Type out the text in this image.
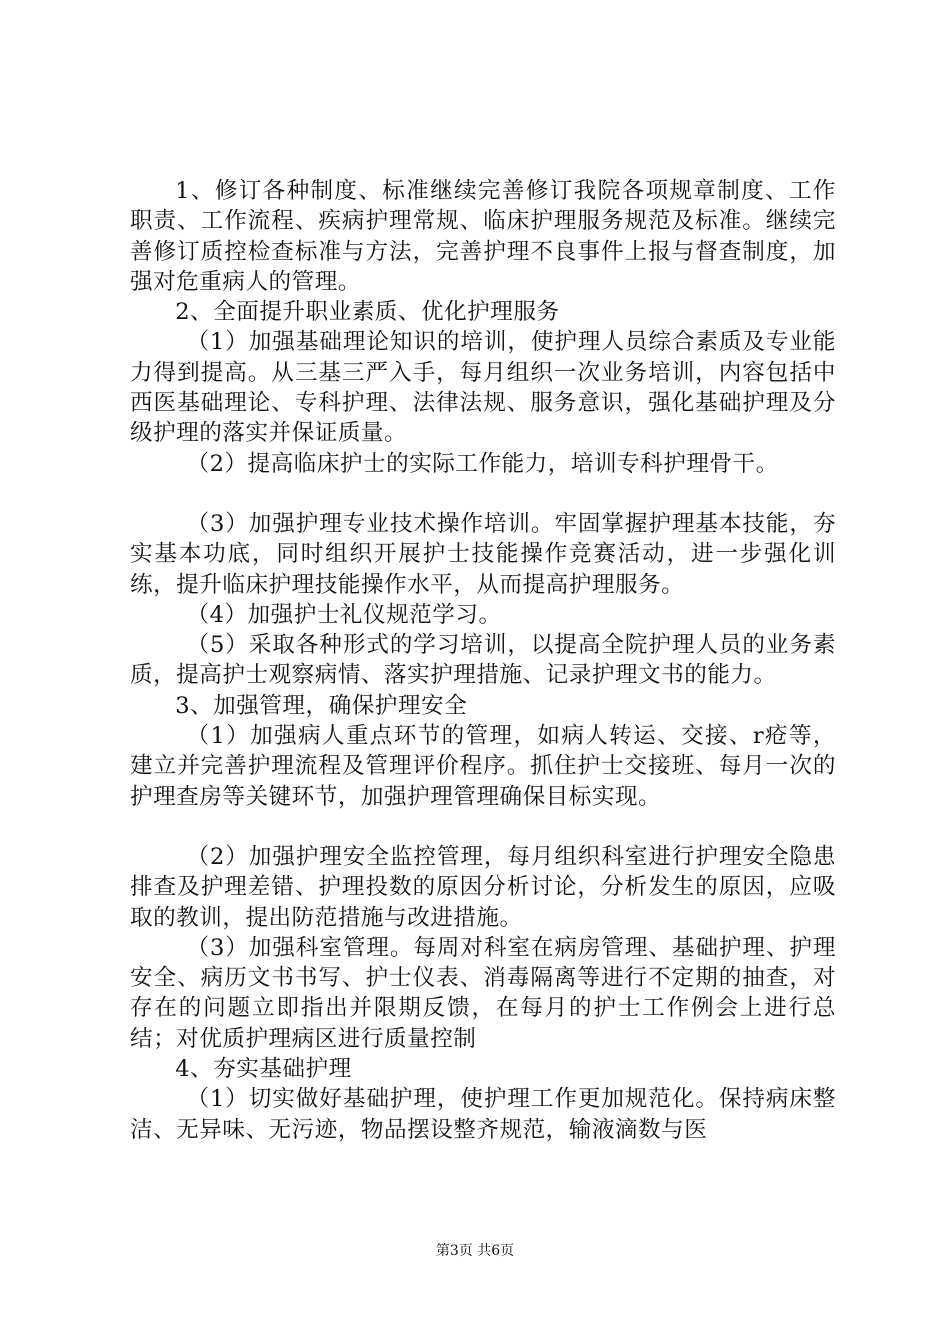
1、修订各种制度、标准继续完善修订我院各项规章制度、工作职责、工作流程、疾病护理常规、临床护理服务规范及标准。继续完善修订质控检查标准与方法，完善护理不良事件上报与督查制度，加强对危重病人的管理。

2、全面提升职业素质、优化护理服务

（1）加强基础理论知识的培训，使护理人员综合素质及专业能力得到提高。从三基三严入手，每月组织一次业务培训，内容包括中西医基础理论、专科护理、法律法规、服务意识，强化基础护理及分级护理的落实并保证质量。

（2）提高临床护士的实际工作能力，培训专科护理骨干。

（3）加强护理专业技术操作培训。牢固掌握护理基本技能，夯实基本功底，同时组织开展护士技能操作竞赛活动，进一步强化训练，提升临床护理技能操作水平，从而提高护理服务。

（4）加强护士礼仪规范学习。

（5）采取各种形式的学习培训，以提高全院护理人员的业务素质，提高护士观察病情、落实护理措施、记录护理文书的能力。

3、加强管理，确保护理安全

（1）加强病人重点环节的管理，如病人转运、交接、r疮等，建立并完善护理流程及管理评价程序。抓住护士交接班、每月一次的护理查房等关键环节，加强护理管理确保目标实现。

（2）加强护理安全监控管理，每月组织科室进行护理安全隐患排查及护理差错、护理投数的原因分析讨论，分析发生的原因，应吸取的教训，提出防范措施与改进措施。

（3）加强科室管理。每周对科室在病房管理、基础护理、护理安全、病历文书书写、护士仪表、消毒隔离等进行不定期的抽查，对存在的问题立即指出并限期反馈，在每月的护士工作例会上进行总结；对优质护理病区进行质量控制

4、夯实基础护理

（1）切实做好基础护理，使护理工作更加规范化。保持病床整洁、无异味、无污迹，物品摆设整齐规范，输液滴数与医

第3页 共6页
